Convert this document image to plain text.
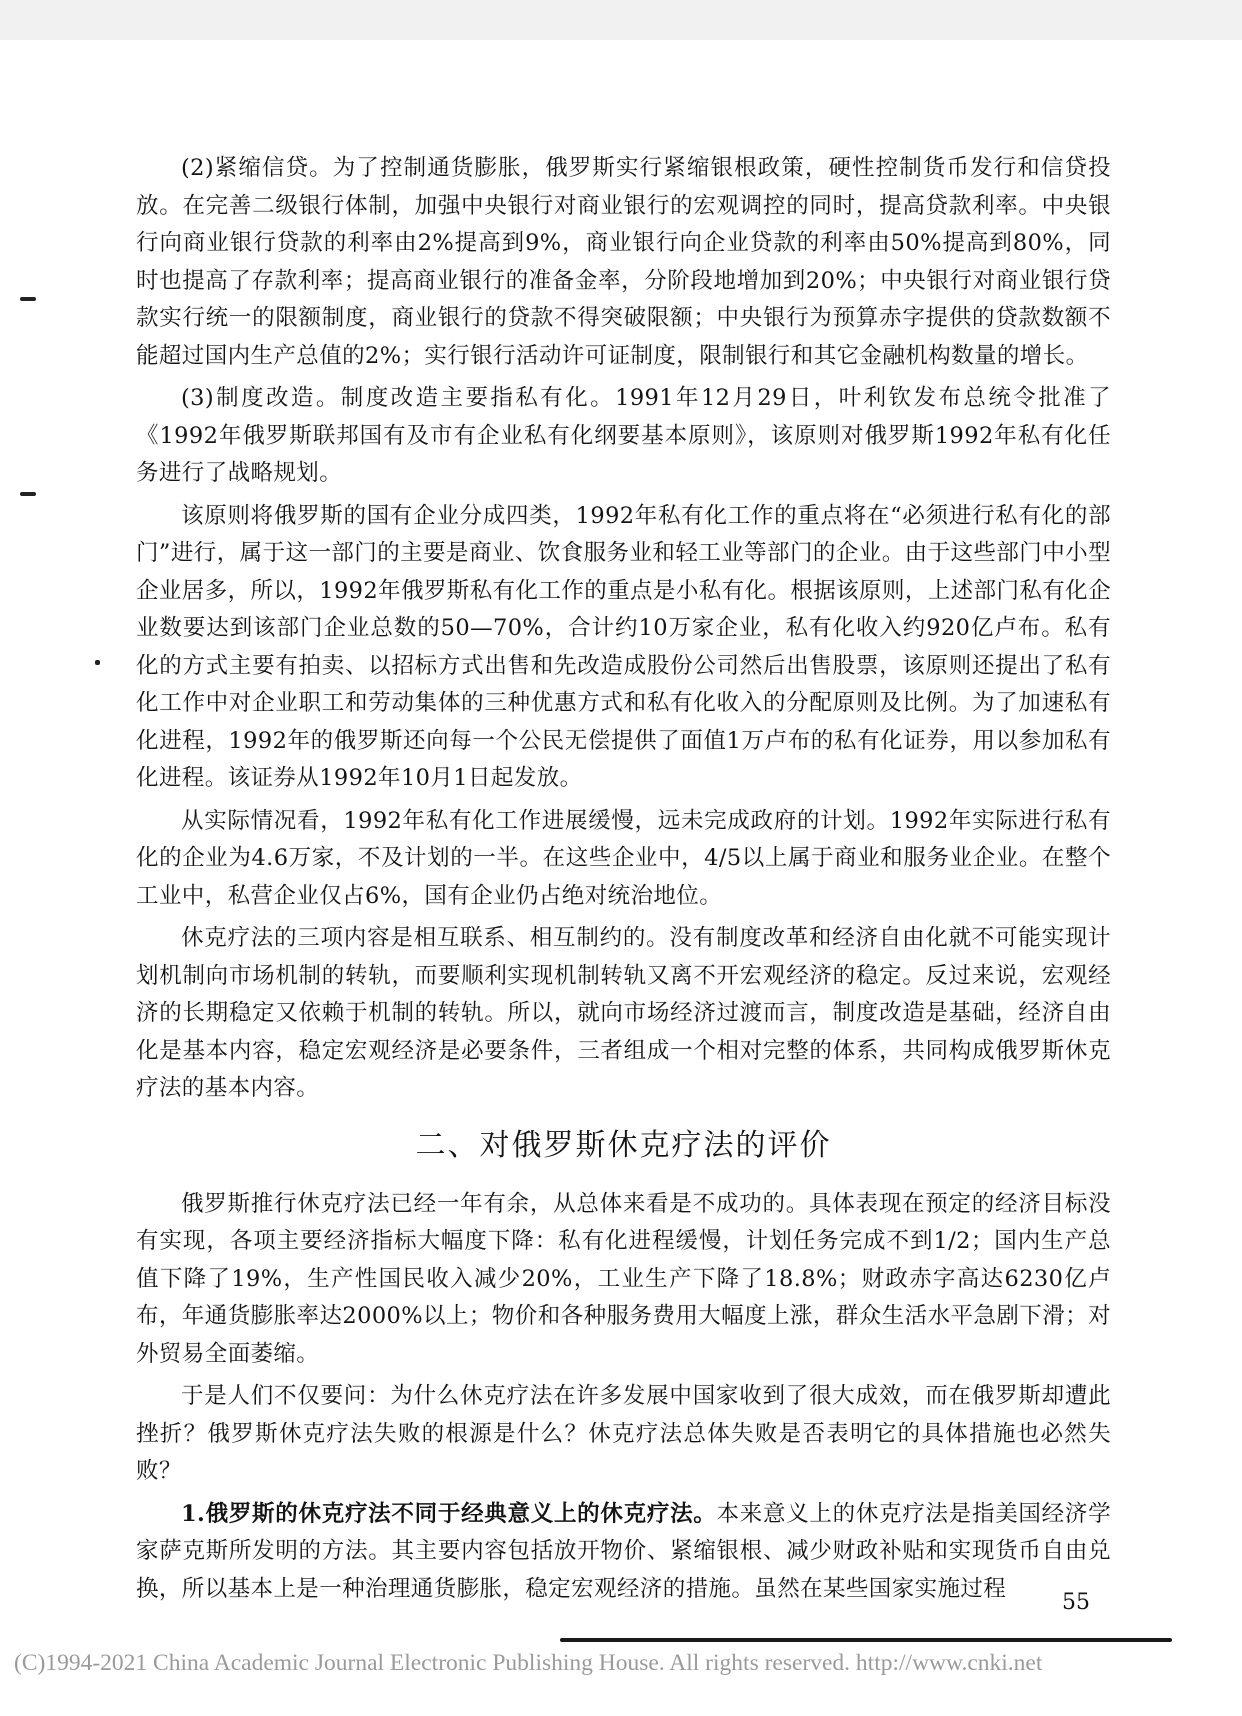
(2)紧缩信贷。为了控制通货膨胀，俄罗斯实行紧缩银根政策，硬性控制货币发行和信贷投放。在完善二级银行体制，加强中央银行对商业银行的宏观调控的同时，提高贷款利率。中央银行向商业银行贷款的利率由2%提高到9%，商业银行向企业贷款的利率由50%提高到80%，同时也提高了存款利率；提高商业银行的准备金率，分阶段地增加到20%；中央银行对商业银行贷款实行统一的限额制度，商业银行的贷款不得突破限额；中央银行为预算赤字提供的贷款数额不能超过国内生产总值的2%；实行银行活动许可证制度，限制银行和其它金融机构数量的增长。

(3)制度改造。制度改造主要指私有化。1991年12月29日，叶利钦发布总统令批准了《1992年俄罗斯联邦国有及市有企业私有化纲要基本原则》，该原则对俄罗斯1992年私有化任务进行了战略规划。

该原则将俄罗斯的国有企业分成四类，1992年私有化工作的重点将在“必须进行私有化的部门”进行，属于这一部门的主要是商业、饮食服务业和轻工业等部门的企业。由于这些部门中小型企业居多，所以，1992年俄罗斯私有化工作的重点是小私有化。根据该原则，上述部门私有化企业数要达到该部门企业总数的50—70%，合计约10万家企业，私有化收入约920亿卢布。私有化的方式主要有拍卖、以招标方式出售和先改造成股份公司然后出售股票，该原则还提出了私有化工作中对企业职工和劳动集体的三种优惠方式和私有化收入的分配原则及比例。为了加速私有化进程，1992年的俄罗斯还向每一个公民无偿提供了面值1万卢布的私有化证券，用以参加私有化进程。该证券从1992年10月1日起发放。

从实际情况看，1992年私有化工作进展缓慢，远未完成政府的计划。1992年实际进行私有化的企业为4.6万家，不及计划的一半。在这些企业中，4/5以上属于商业和服务业企业。在整个工业中，私营企业仅占6%，国有企业仍占绝对统治地位。

休克疗法的三项内容是相互联系、相互制约的。没有制度改革和经济自由化就不可能实现计划机制向市场机制的转轨，而要顺利实现机制转轨又离不开宏观经济的稳定。反过来说，宏观经济的长期稳定又依赖于机制的转轨。所以，就向市场经济过渡而言，制度改造是基础，经济自由化是基本内容，稳定宏观经济是必要条件，三者组成一个相对完整的体系，共同构成俄罗斯休克疗法的基本内容。

二、对俄罗斯休克疗法的评价

俄罗斯推行休克疗法已经一年有余，从总体来看是不成功的。具体表现在预定的经济目标没有实现，各项主要经济指标大幅度下降：私有化进程缓慢，计划任务完成不到1/2；国内生产总值下降了19%，生产性国民收入减少20%，工业生产下降了18.8%；财政赤字高达6230亿卢布，年通货膨胀率达2000%以上；物价和各种服务费用大幅度上涨，群众生活水平急剧下滑；对外贸易全面萎缩。

于是人们不仅要问：为什么休克疗法在许多发展中国家收到了很大成效，而在俄罗斯却遭此挫折？俄罗斯休克疗法失败的根源是什么？休克疗法总体失败是否表明它的具体措施也必然失败？

1.俄罗斯的休克疗法不同于经典意义上的休克疗法。本来意义上的休克疗法是指美国经济学家萨克斯所发明的方法。其主要内容包括放开物价、紧缩银根、减少财政补贴和实现货币自由兑换，所以基本上是一种治理通货膨胀，稳定宏观经济的措施。虽然在某些国家实施过程

55
(C)1994-2021 China Academic Journal Electronic Publishing House. All rights reserved. http://www.cnki.net
